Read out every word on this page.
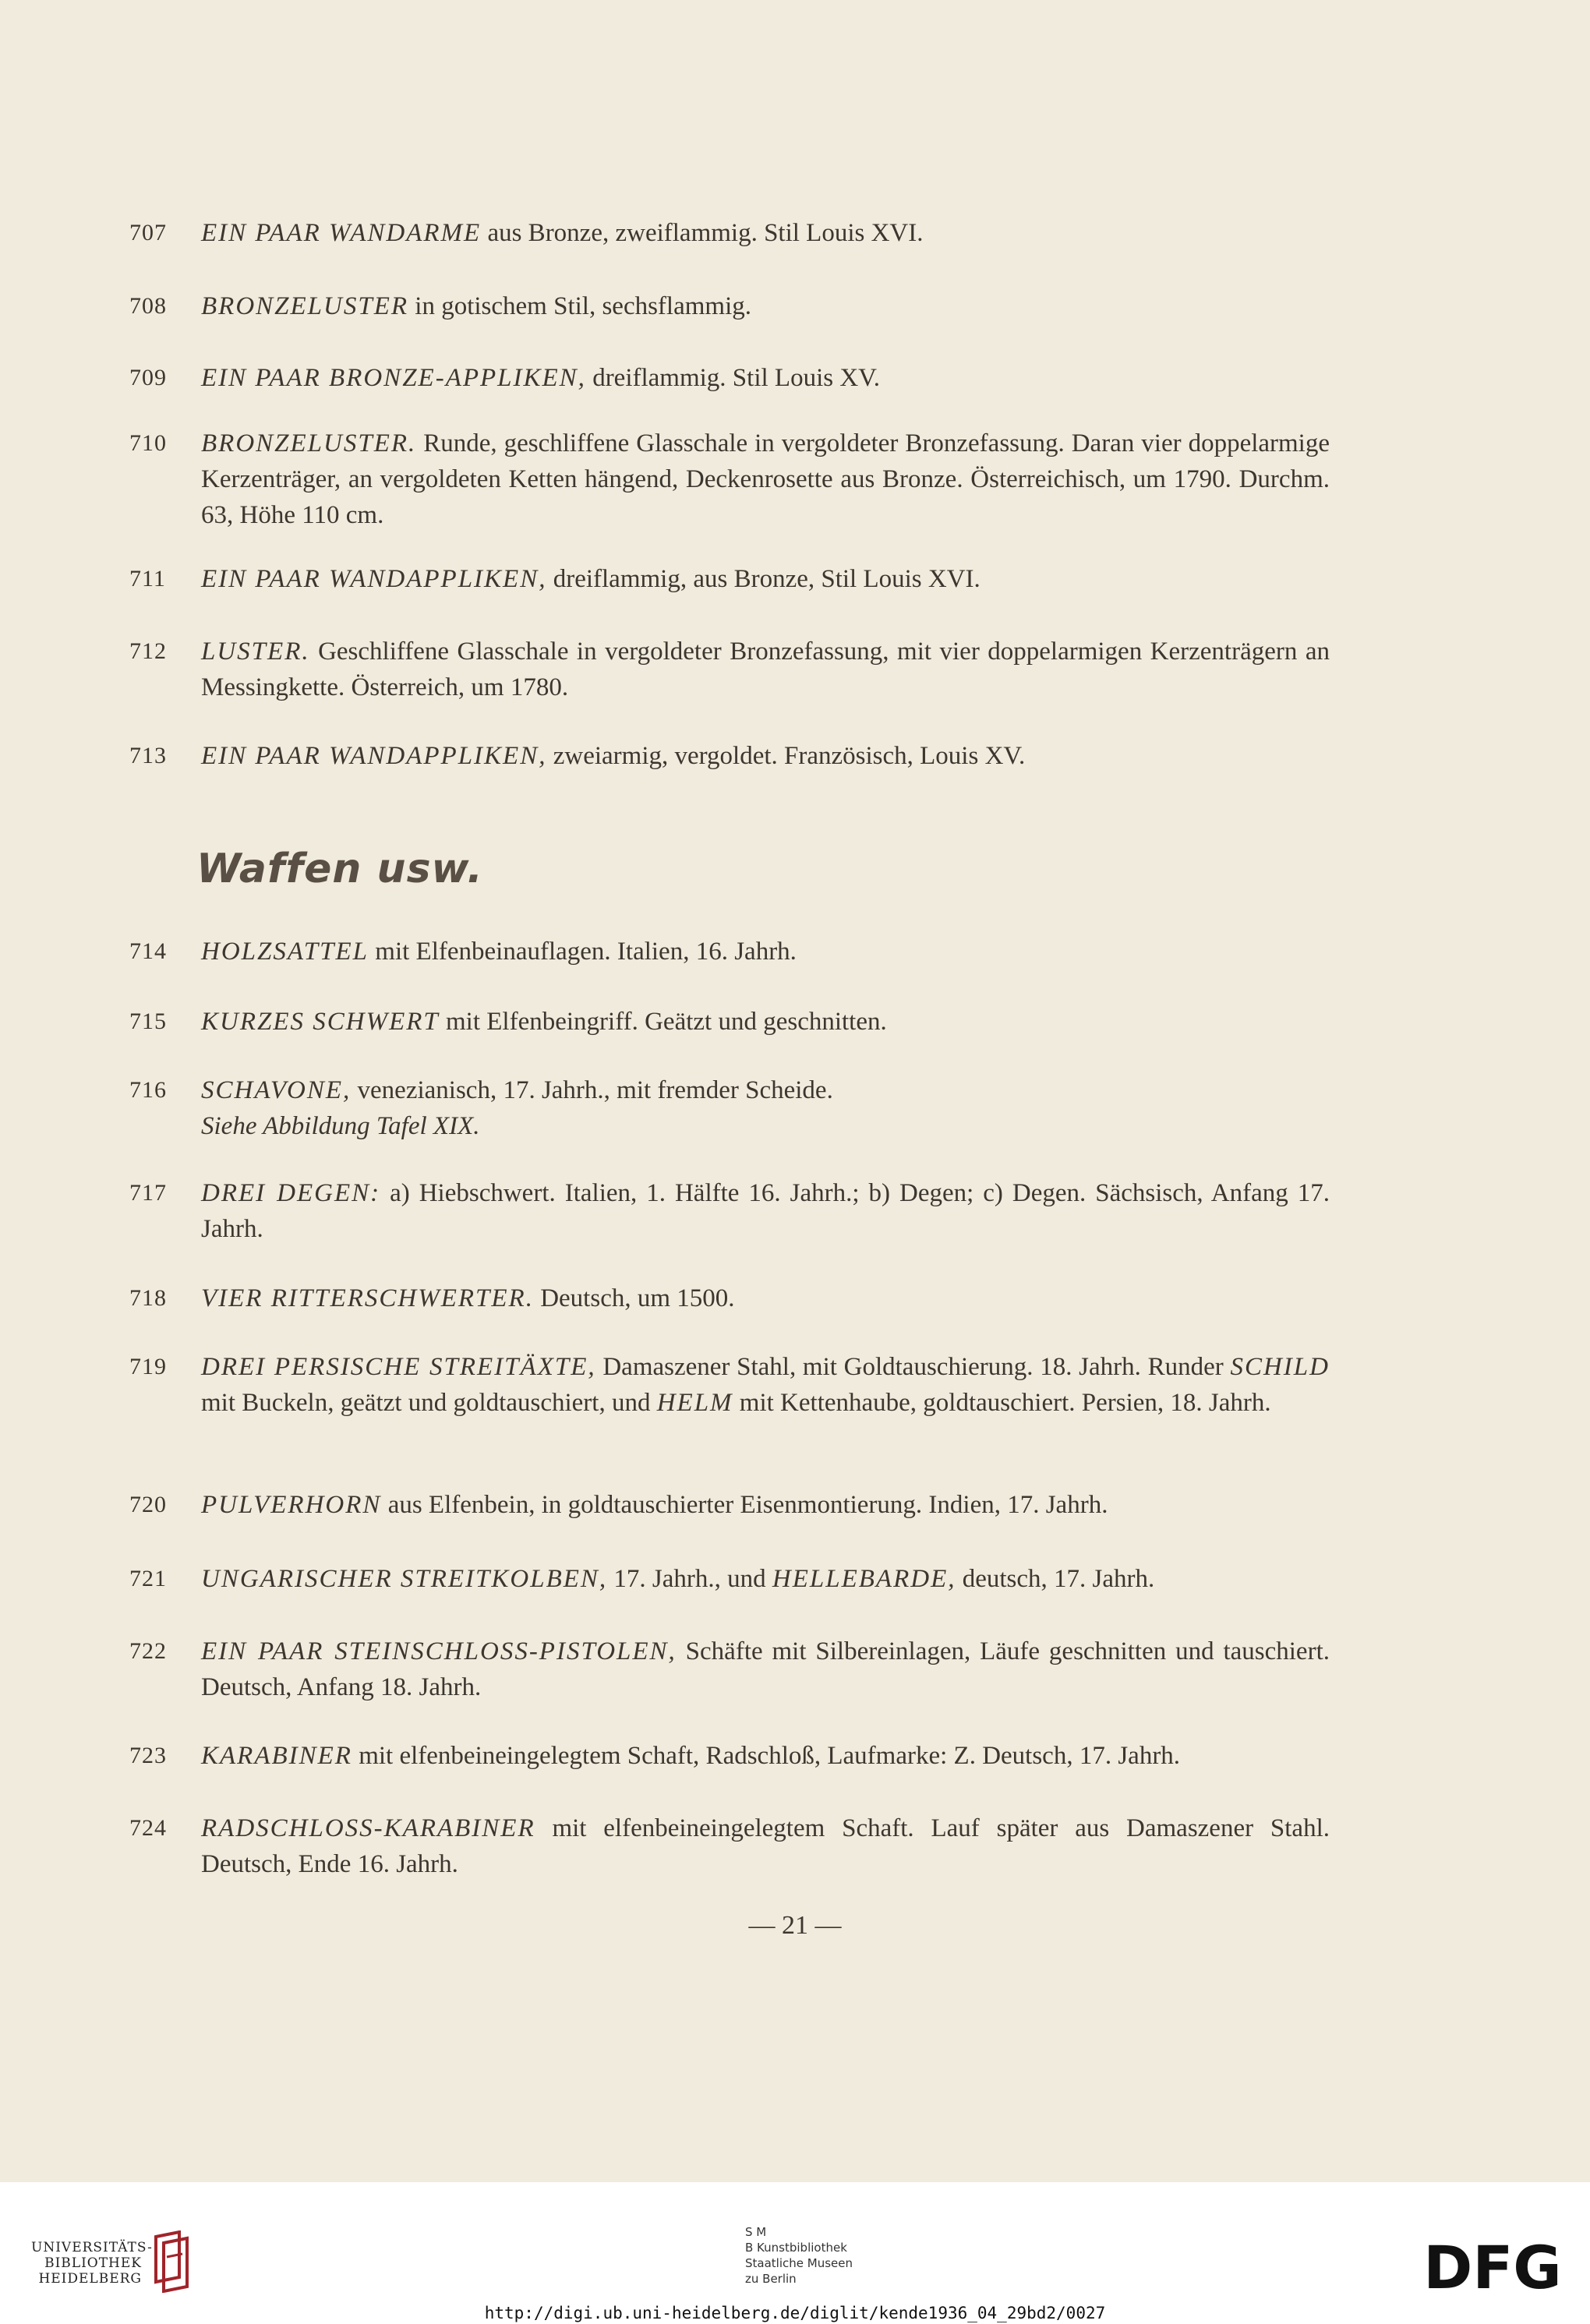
707 EIN PAAR WANDARME aus Bronze, zweiflammig. Stil Louis XVI.
708 BRONZELUSTER in gotischem Stil, sechsflammig.
709 EIN PAAR BRONZE-APPLIKEN, dreiflammig. Stil Louis XV.
710 BRONZELUSTER. Runde, geschliffene Glasschale in vergoldeter Bronzefassung. Daran vier doppelarmige Kerzenträger, an vergoldeten Ketten hängend, Deckenrosette aus Bronze. Österreichisch, um 1790. Durchm. 63, Höhe 110 cm.
711 EIN PAAR WANDAPPLIKEN, dreiflammig, aus Bronze, Stil Louis XVI.
712 LUSTER. Geschliffene Glasschale in vergoldeter Bronzefassung, mit vier doppelarmigen Kerzenträgern an Messingkette. Österreich, um 1780.
713 EIN PAAR WANDAPPLIKEN, zweiarmig, vergoldet. Französisch, Louis XV.
Waffen usw.
714 HOLZSATTEL mit Elfenbeinauflagen. Italien, 16. Jahrh.
715 KURZES SCHWERT mit Elfenbeingriff. Geätzt und geschnitten.
716 SCHAVONE, venezianisch, 17. Jahrh., mit fremder Scheide.
Siehe Abbildung Tafel XIX.
717 DREI DEGEN: a) Hiebschwert. Italien, 1. Hälfte 16. Jahrh.; b) Degen; c) Degen. Sächsisch, Anfang 17. Jahrh.
718 VIER RITTERSCHWERTER. Deutsch, um 1500.
719 DREI PERSISCHE STREITÄXTE, Damaszener Stahl, mit Goldtauschierung. 18. Jahrh. Runder SCHILD mit Buckeln, geätzt und goldtauschiert, und HELM mit Kettenhaube, goldtauschiert. Persien, 18. Jahrh.
720 PULVERHORN aus Elfenbein, in goldtauschierter Eisenmontierung. Indien, 17. Jahrh.
721 UNGARISCHER STREITKOLBEN, 17. Jahrh., und HELLEBARDE, deutsch, 17. Jahrh.
722 EIN PAAR STEINSCHLOSS-PISTOLEN, Schäfte mit Silbereinlagen, Läufe geschnitten und tauschiert. Deutsch, Anfang 18. Jahrh.
723 KARABINER mit elfenbeineingelegtem Schaft, Radschloß, Laufmarke: Z. Deutsch, 17. Jahrh.
724 RADSCHLOSS-KARABINER mit elfenbeineingelegtem Schaft. Lauf später aus Damaszener Stahl. Deutsch, Ende 16. Jahrh.
— 21 —
UNIVERSITÄTS-
BIBLIOTHEK
HEIDELBERG
S M
B Kunstbibliothek
Staatliche Museen
zu Berlin	DFG
http://digi.ub.uni-heidelberg.de/diglit/kende1936_04_29bd2/0027
